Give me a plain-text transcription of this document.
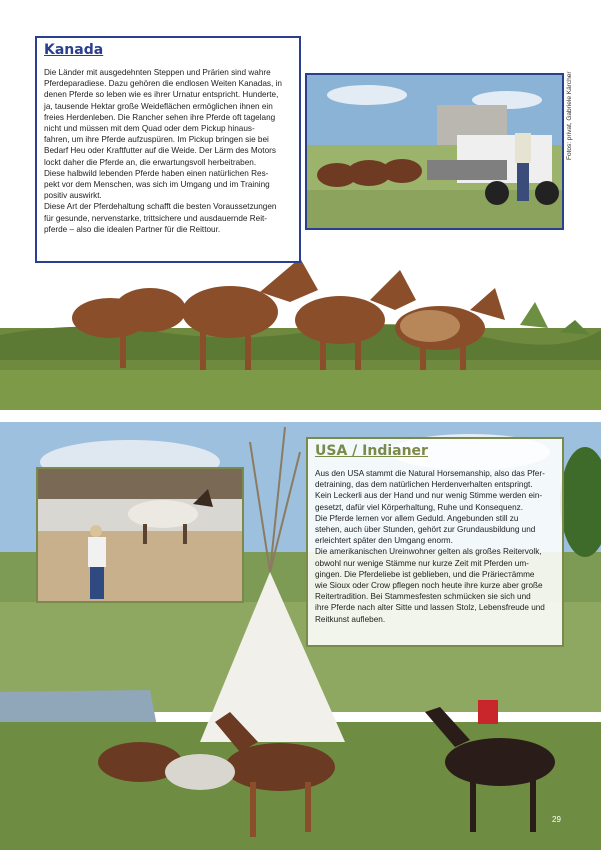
Kanada

Die Länder mit ausgedehnten Steppen und Prärien sind wahre
Pferdeparadiese. Dazu gehören die endlosen Weiten Kanadas, in
denen Pferde so leben wie es ihrer Urnatur entspricht. Hunderte,
ja, tausende Hektar große Weideflächen ermöglichen ihnen ein
freies Herdenleben. Die Rancher sehen ihre Pferde oft tagelang
nicht und müssen mit dem Quad oder dem Pickup hinaus-
fahren, um ihre Pferde aufzuspüren. Im Pickup bringen sie bei
Bedarf Heu oder Kraftfutter auf die Weide. Der Lärm des Motors
lockt daher die Pferde an, die erwartungsvoll herbeitraben.
Diese halbwild lebenden Pferde haben einen natürlichen Res-
pekt vor dem Menschen, was sich im Umgang und im Training
positiv auswirkt.
Diese Art der Pferdehaltung schafft die besten Voraussetzungen
für gesunde, nervenstarke, trittsichere und ausdauernde Reit-
pferde – also die idealen Partner für die Reittour.

USA / Indianer

Aus den USA stammt die Natural Horsemanship, also das Pfer-
detraining, das dem natürlichen Herdenverhalten entspringt.
Kein Leckerli aus der Hand und nur wenig Stimme werden ein-
gesetzt, dafür viel Körperhaltung, Ruhe und Konsequenz.
Die Pferde lernen vor allem Geduld. Angebunden still zu
stehen, auch über Stunden, gehört zur Grundausbildung und
erleichtert später den Umgang enorm.
Die amerikanischen Ureinwohner gelten als großes Reitervolk,
obwohl nur wenige Stämme nur kurze Zeit mit Pferden um-
gingen. Die Pferdeliebe ist geblieben, und die Prärieстämme
wie Sioux oder Crow pflegen noch heute ihre kurze aber große
Reitertradition. Bei Stammesfesten schmücken sie sich und
ihre Pferde nach alter Sitte und lassen Stolz, Lebensfreude und
Reitkunst aufleben.

Fotos: privat, Gabriele Kärcher
29
